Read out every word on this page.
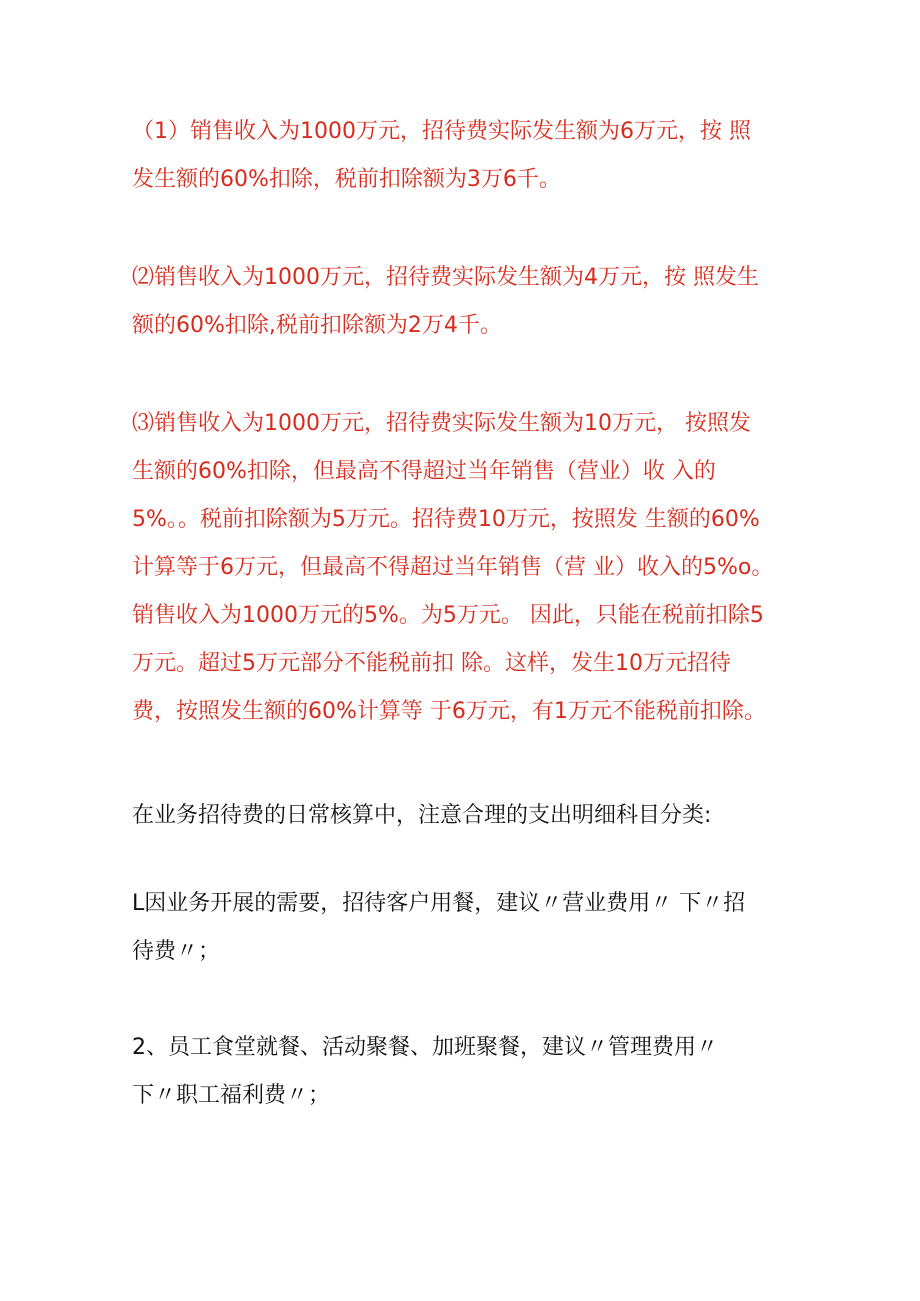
（1）销售收入为1000万元，招待费实际发生额为6万元，按 照
发生额的60%扣除，税前扣除额为3万6千。

⑵销售收入为1000万元，招待费实际发生额为4万元，按 照发生
额的60%扣除,税前扣除额为2万4千。

⑶销售收入为1000万元，招待费实际发生额为10万元， 按照发
生额的60%扣除，但最高不得超过当年销售（营业）收 入的
5%。。税前扣除额为5万元。招待费10万元，按照发 生额的60%
计算等于6万元，但最高不得超过当年销售（营 业）收入的5%o。
销售收入为1000万元的5%。为5万元。 因此，只能在税前扣除5
万元。超过5万元部分不能税前扣 除。这样，发生10万元招待
费，按照发生额的60%计算等 于6万元，有1万元不能税前扣除。

在业务招待费的日常核算中，注意合理的支出明细科目分类:

L因业务开展的需要，招待客户用餐，建议〃营业费用〃 下〃招
待费〃；

2、员工食堂就餐、活动聚餐、加班聚餐，建议〃管理费用〃
下〃职工福利费〃；
